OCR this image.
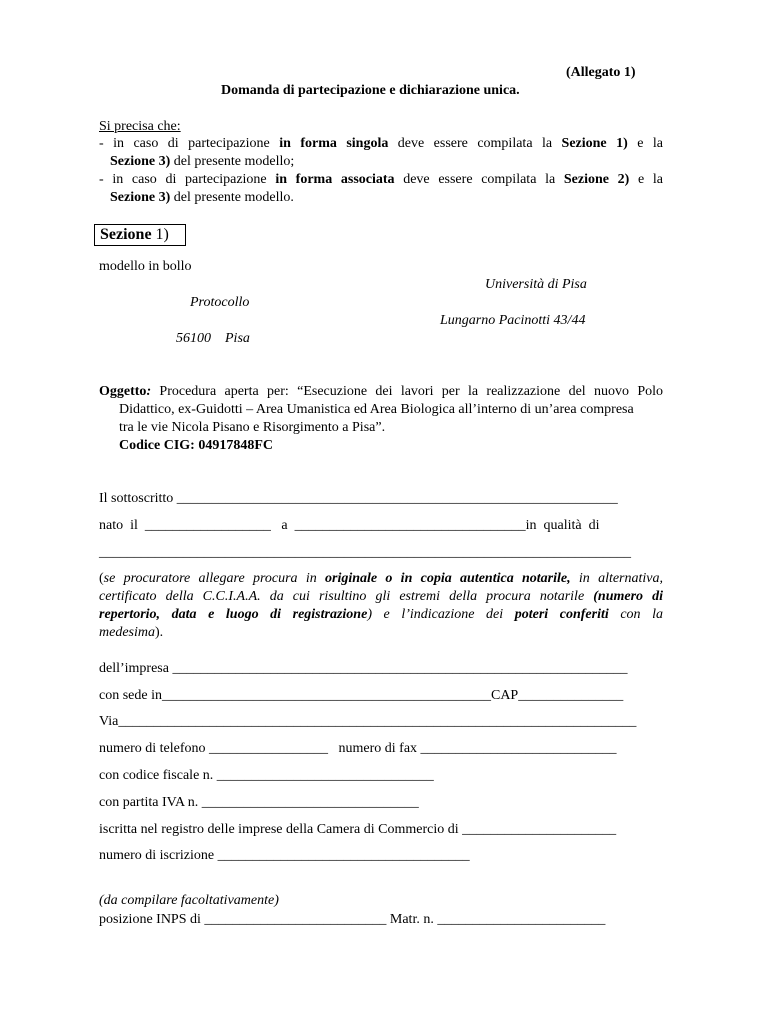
(Allegato 1)
Domanda di partecipazione e dichiarazione unica.
Si precisa che:
- in caso di partecipazione in forma singola deve essere compilata la Sezione 1) e la
Sezione 3) del presente modello;
- in caso di partecipazione in forma associata deve essere compilata la Sezione 2) e la
Sezione 3) del presente modello.
Sezione 1)
modello in bollo
Università di Pisa
Protocollo
Lungarno Pacinotti 43/44
56100    Pisa
Oggetto: Procedura aperta per: “Esecuzione dei lavori per la realizzazione del nuovo Polo
Didattico, ex-Guidotti – Area Umanistica ed Area Biologica all’interno di un’area compresa
tra le vie Nicola Pisano e Risorgimento a Pisa”.
Codice CIG: 04917848FC
Il sottoscritto _______________________________________________________________
nato  il  __________________   a  _________________________________in  qualità  di
____________________________________________________________________________
(se procuratore allegare procura in originale o in copia autentica notarile, in alternativa,
certificato della C.C.I.A.A. da cui risultino gli estremi della procura notarile (numero di
repertorio, data e luogo di registrazione) e l’indicazione dei poteri conferiti con la
medesima).
dell’impresa _________________________________________________________________
con sede in_______________________________________________CAP_______________
Via__________________________________________________________________________
numero di telefono _________________   numero di fax ____________________________
con codice fiscale n. _______________________________
con partita IVA n. _______________________________
iscritta nel registro delle imprese della Camera di Commercio di ______________________
numero di iscrizione ____________________________________
(da compilare facoltativamente)
posizione INPS di __________________________ Matr. n. ________________________
